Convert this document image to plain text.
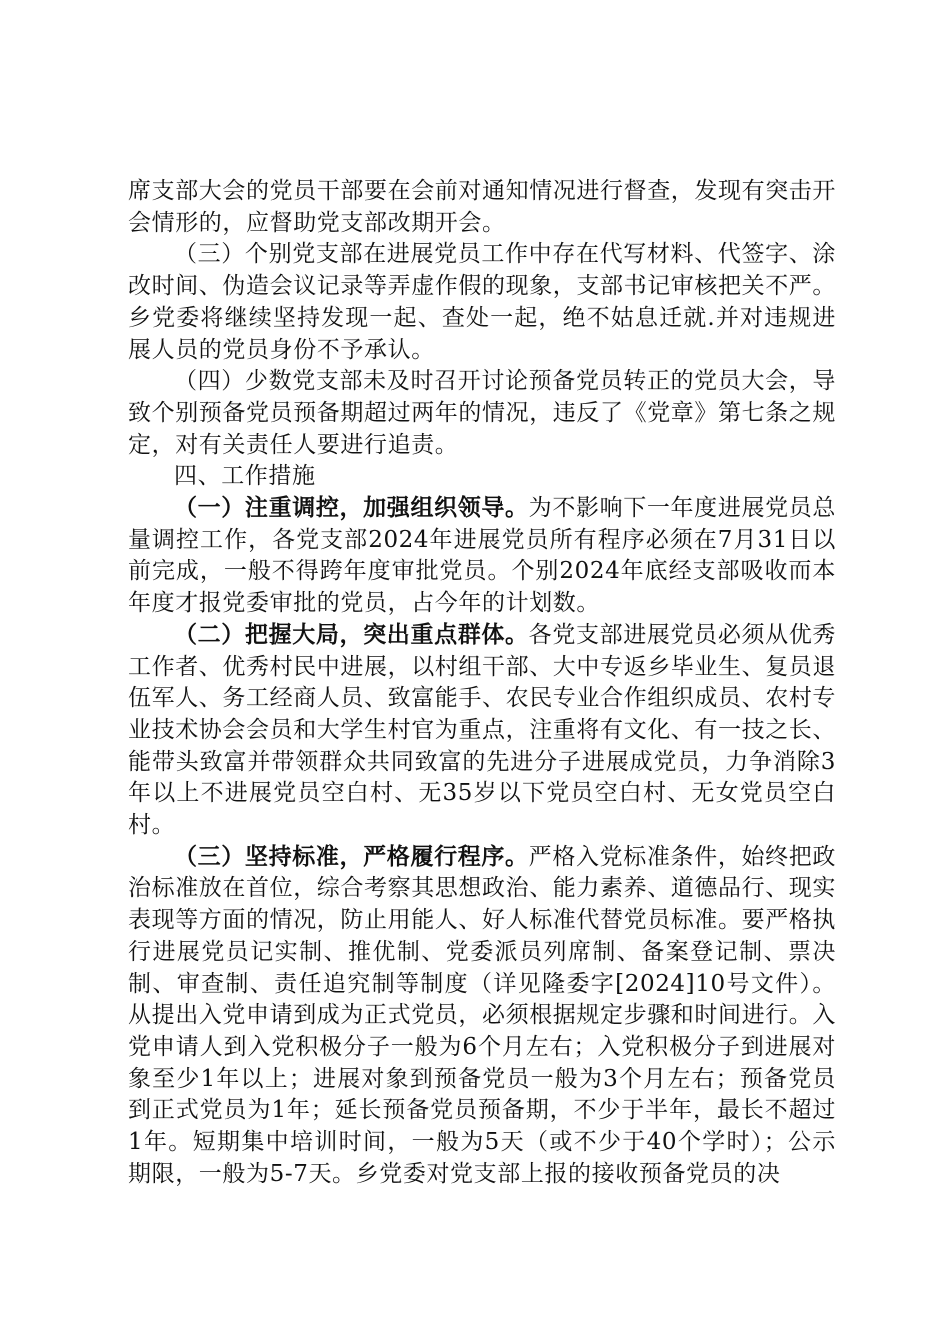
席支部大会的党员干部要在会前对通知情况进行督查，发现有突击开会情形的，应督助党支部改期开会。

（三）个别党支部在进展党员工作中存在代写材料、代签字、涂改时间、伪造会议记录等弄虚作假的现象，支部书记审核把关不严。乡党委将继续坚持发现一起、查处一起，绝不姑息迁就.并对违规进展人员的党员身份不予承认。

（四）少数党支部未及时召开讨论预备党员转正的党员大会，导致个别预备党员预备期超过两年的情况，违反了《党章》第七条之规定，对有关责任人要进行追责。

四、工作措施

（一）注重调控，加强组织领导。为不影响下一年度进展党员总量调控工作，各党支部2024年进展党员所有程序必须在7月31日以前完成，一般不得跨年度审批党员。个别2024年底经支部吸收而本年度才报党委审批的党员，占今年的计划数。

（二）把握大局，突出重点群体。各党支部进展党员必须从优秀工作者、优秀村民中进展，以村组干部、大中专返乡毕业生、复员退伍军人、务工经商人员、致富能手、农民专业合作组织成员、农村专业技术协会会员和大学生村官为重点，注重将有文化、有一技之长、能带头致富并带领群众共同致富的先进分子进展成党员，力争消除3年以上不进展党员空白村、无35岁以下党员空白村、无女党员空白村。

（三）坚持标准，严格履行程序。严格入党标准条件，始终把政治标准放在首位，综合考察其思想政治、能力素养、道德品行、现实表现等方面的情况，防止用能人、好人标准代替党员标准。要严格执行进展党员记实制、推优制、党委派员列席制、备案登记制、票决制、审查制、责任追究制等制度（详见隆委字[2024]10号文件）。从提出入党申请到成为正式党员，必须根据规定步骤和时间进行。入党申请人到入党积极分子一般为6个月左右；入党积极分子到进展对象至少1年以上；进展对象到预备党员一般为3个月左右；预备党员到正式党员为1年；延长预备党员预备期，不少于半年，最长不超过1年。短期集中培训时间，一般为5天（或不少于40个学时）；公示期限，一般为5-7天。乡党委对党支部上报的接收预备党员的决
